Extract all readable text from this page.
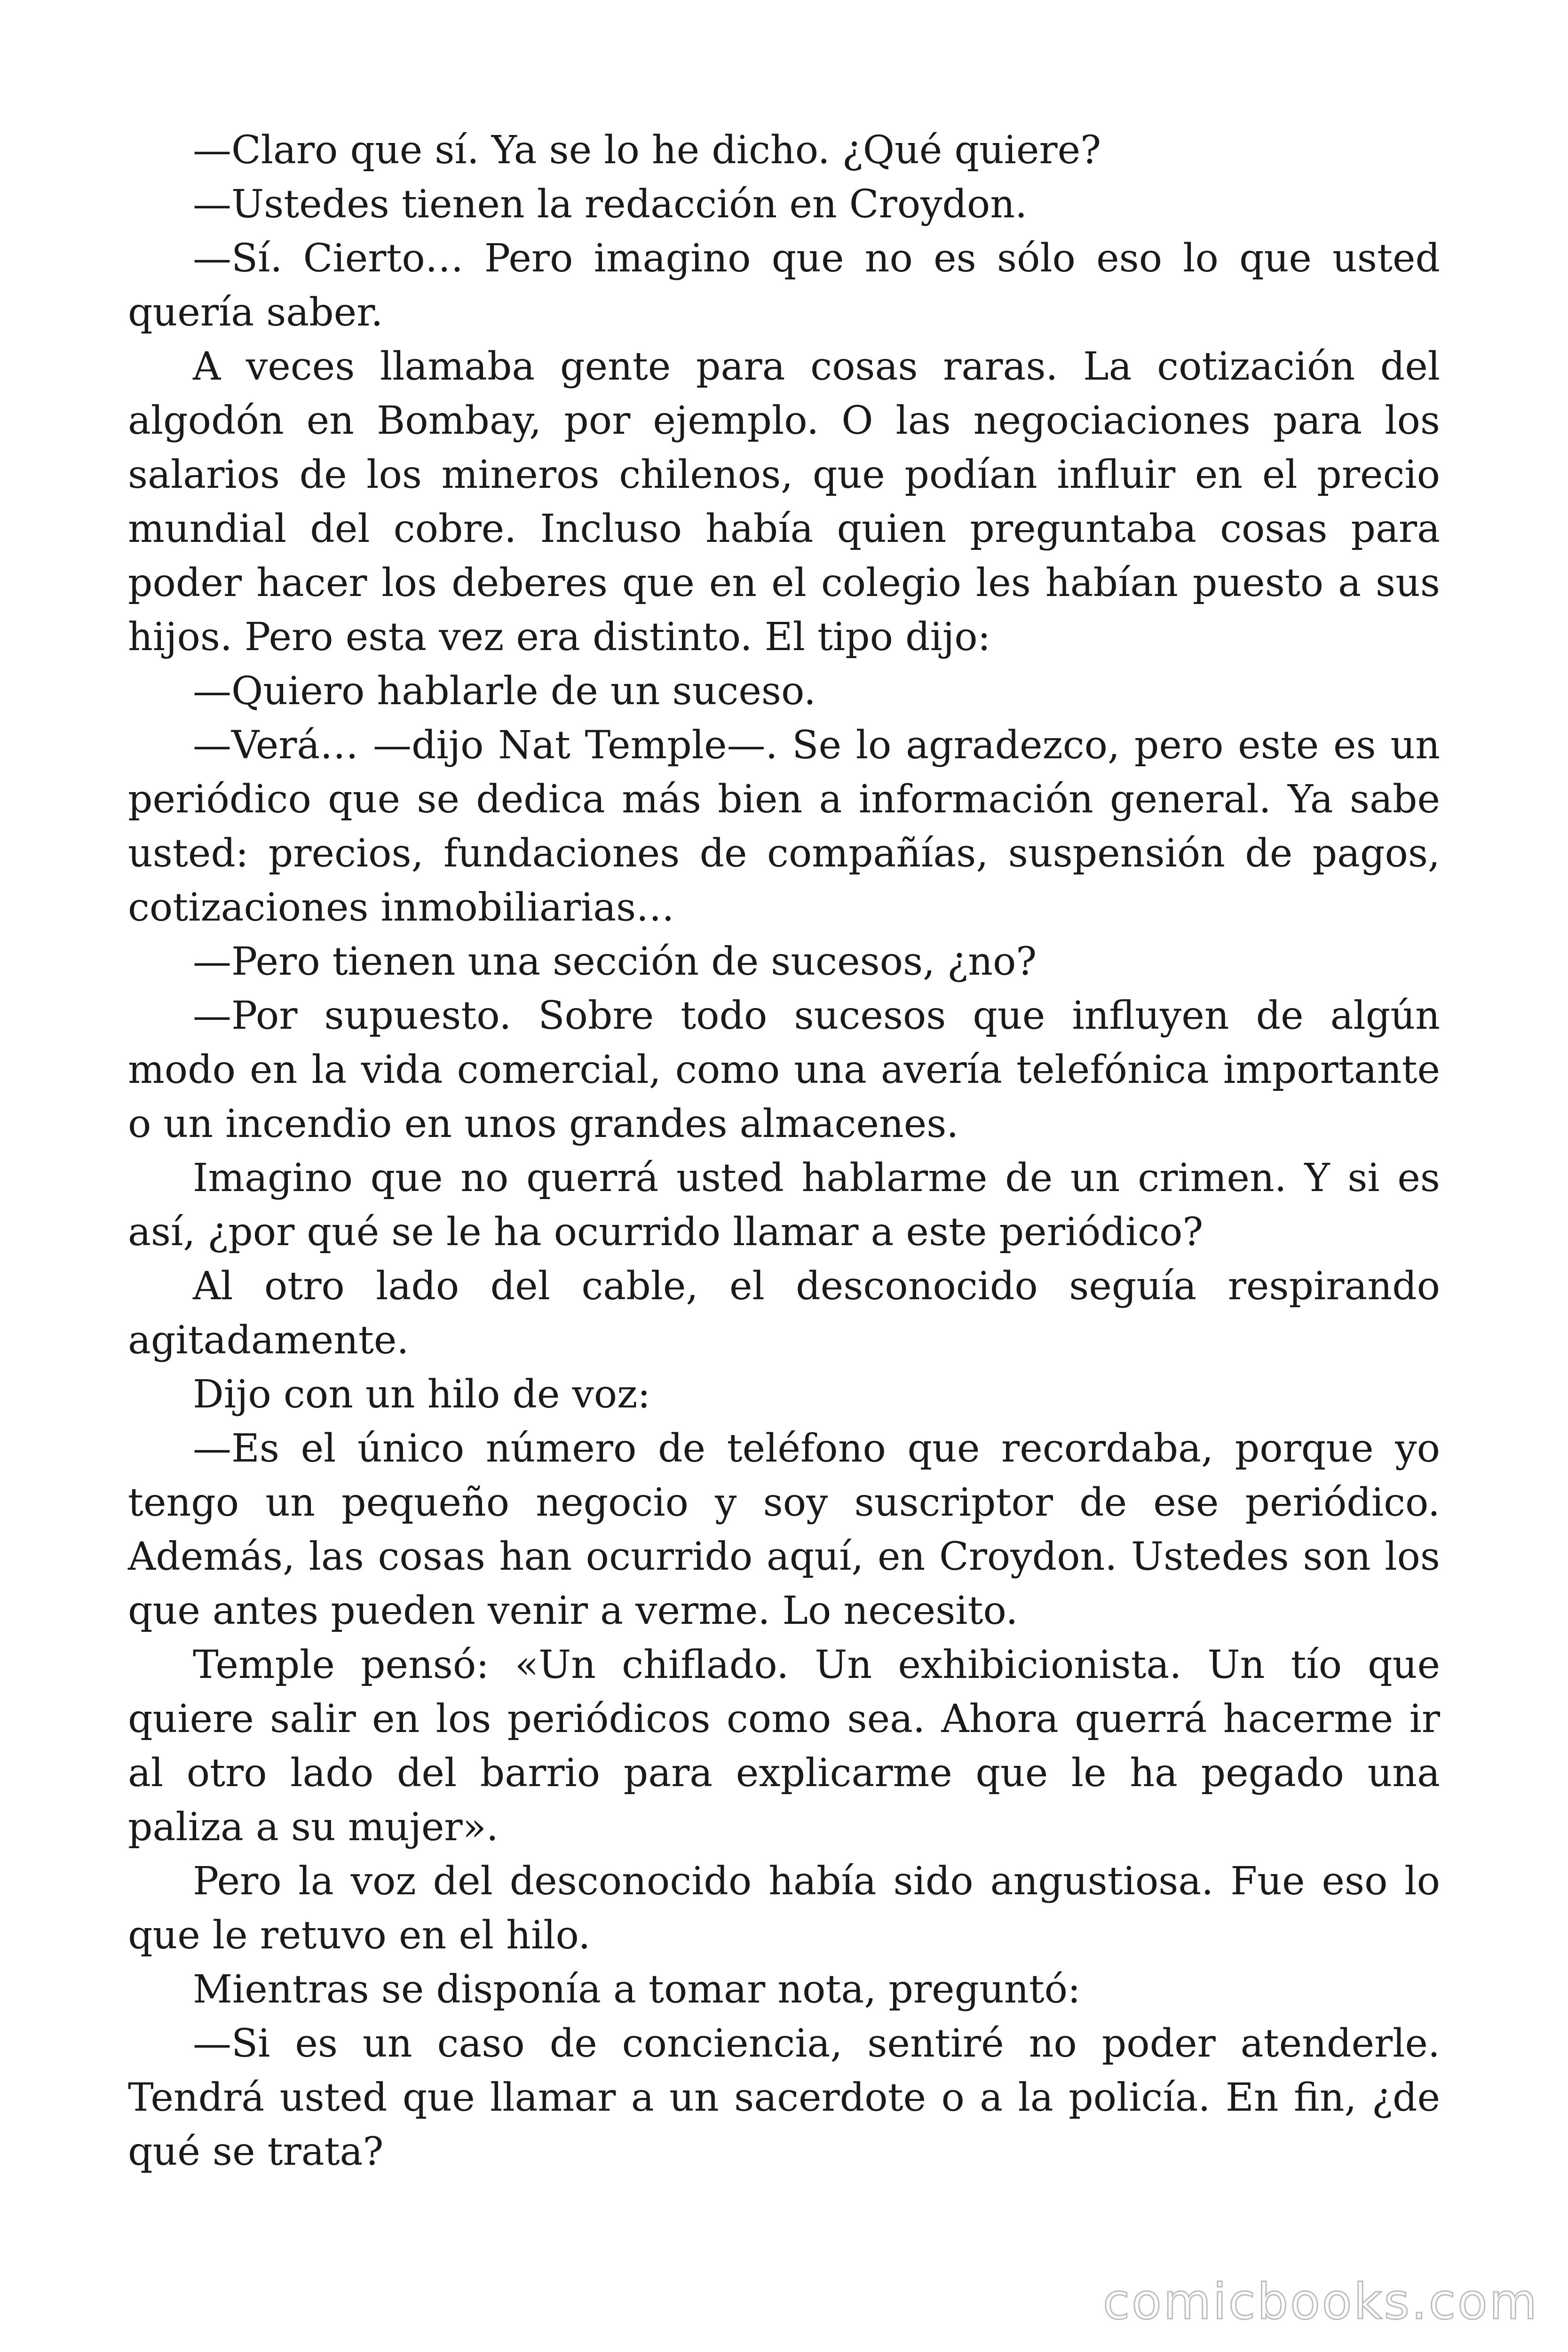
—Claro que sí. Ya se lo he dicho. ¿Qué quiere?

—Ustedes tienen la redacción en Croydon.

—Sí. Cierto… Pero imagino que no es sólo eso lo que usted quería saber.

A veces llamaba gente para cosas raras. La cotización del algodón en Bombay, por ejemplo. O las negociaciones para los salarios de los mineros chilenos, que podían influir en el precio mundial del cobre. Incluso había quien preguntaba cosas para poder hacer los deberes que en el colegio les habían puesto a sus hijos. Pero esta vez era distinto. El tipo dijo:

—Quiero hablarle de un suceso.

—Verá… —dijo Nat Temple—. Se lo agradezco, pero este es un periódico que se dedica más bien a información general. Ya sabe usted: precios, fundaciones de compañías, suspensión de pagos, cotizaciones inmobiliarias…

—Pero tienen una sección de sucesos, ¿no?

—Por supuesto. Sobre todo sucesos que influyen de algún modo en la vida comercial, como una avería telefónica importante o un incendio en unos grandes almacenes.

Imagino que no querrá usted hablarme de un crimen. Y si es así, ¿por qué se le ha ocurrido llamar a este periódico?

Al otro lado del cable, el desconocido seguía respirando agitadamente.

Dijo con un hilo de voz:

—Es el único número de teléfono que recordaba, porque yo tengo un pequeño negocio y soy suscriptor de ese periódico. Además, las cosas han ocurrido aquí, en Croydon. Ustedes son los que antes pueden venir a verme. Lo necesito.

Temple pensó: «Un chiflado. Un exhibicionista. Un tío que quiere salir en los periódicos como sea. Ahora querrá hacerme ir al otro lado del barrio para explicarme que le ha pegado una paliza a su mujer».

Pero la voz del desconocido había sido angustiosa. Fue eso lo que le retuvo en el hilo.

Mientras se disponía a tomar nota, preguntó:

—Si es un caso de conciencia, sentiré no poder atenderle. Tendrá usted que llamar a un sacerdote o a la policía. En fin, ¿de qué se trata?

comicbooks.com
